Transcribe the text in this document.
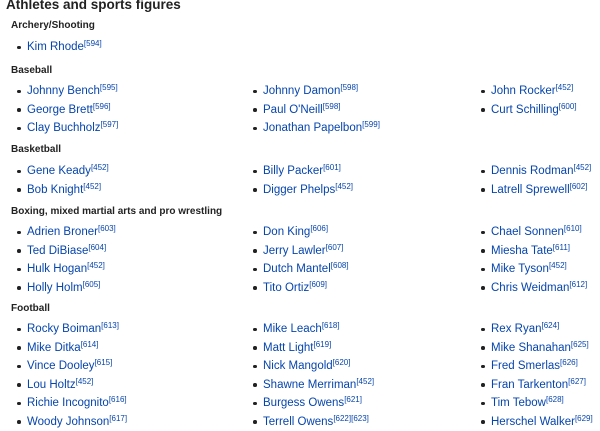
Athletes and sports figures
Archery/Shooting
Kim Rhode[594]
Baseball
Johnny Bench[595]
George Brett[596]
Clay Buchholz[597]
Johnny Damon[598]
Paul O'Neill[598]
Jonathan Papelbon[599]
John Rocker[452]
Curt Schilling[600]
Basketball
Gene Keady[452]
Bob Knight[452]
Billy Packer[601]
Digger Phelps[452]
Dennis Rodman[452]
Latrell Sprewell[602]
Boxing, mixed martial arts and pro wrestling
Adrien Broner[603]
Ted DiBiase[604]
Hulk Hogan[452]
Holly Holm[605]
Don King[606]
Jerry Lawler[607]
Dutch Mantel[608]
Tito Ortiz[609]
Chael Sonnen[610]
Miesha Tate[611]
Mike Tyson[452]
Chris Weidman[612]
Football
Rocky Boiman[613]
Mike Ditka[614]
Vince Dooley[615]
Lou Holtz[452]
Richie Incognito[616]
Woody Johnson[617]
Mike Leach[618]
Matt Light[619]
Nick Mangold[620]
Shawne Merriman[452]
Burgess Owens[621]
Terrell Owens[622][623]
Rex Ryan[624]
Mike Shanahan[625]
Fred Smerlas[626]
Fran Tarkenton[627]
Tim Tebow[628]
Herschel Walker[629]
